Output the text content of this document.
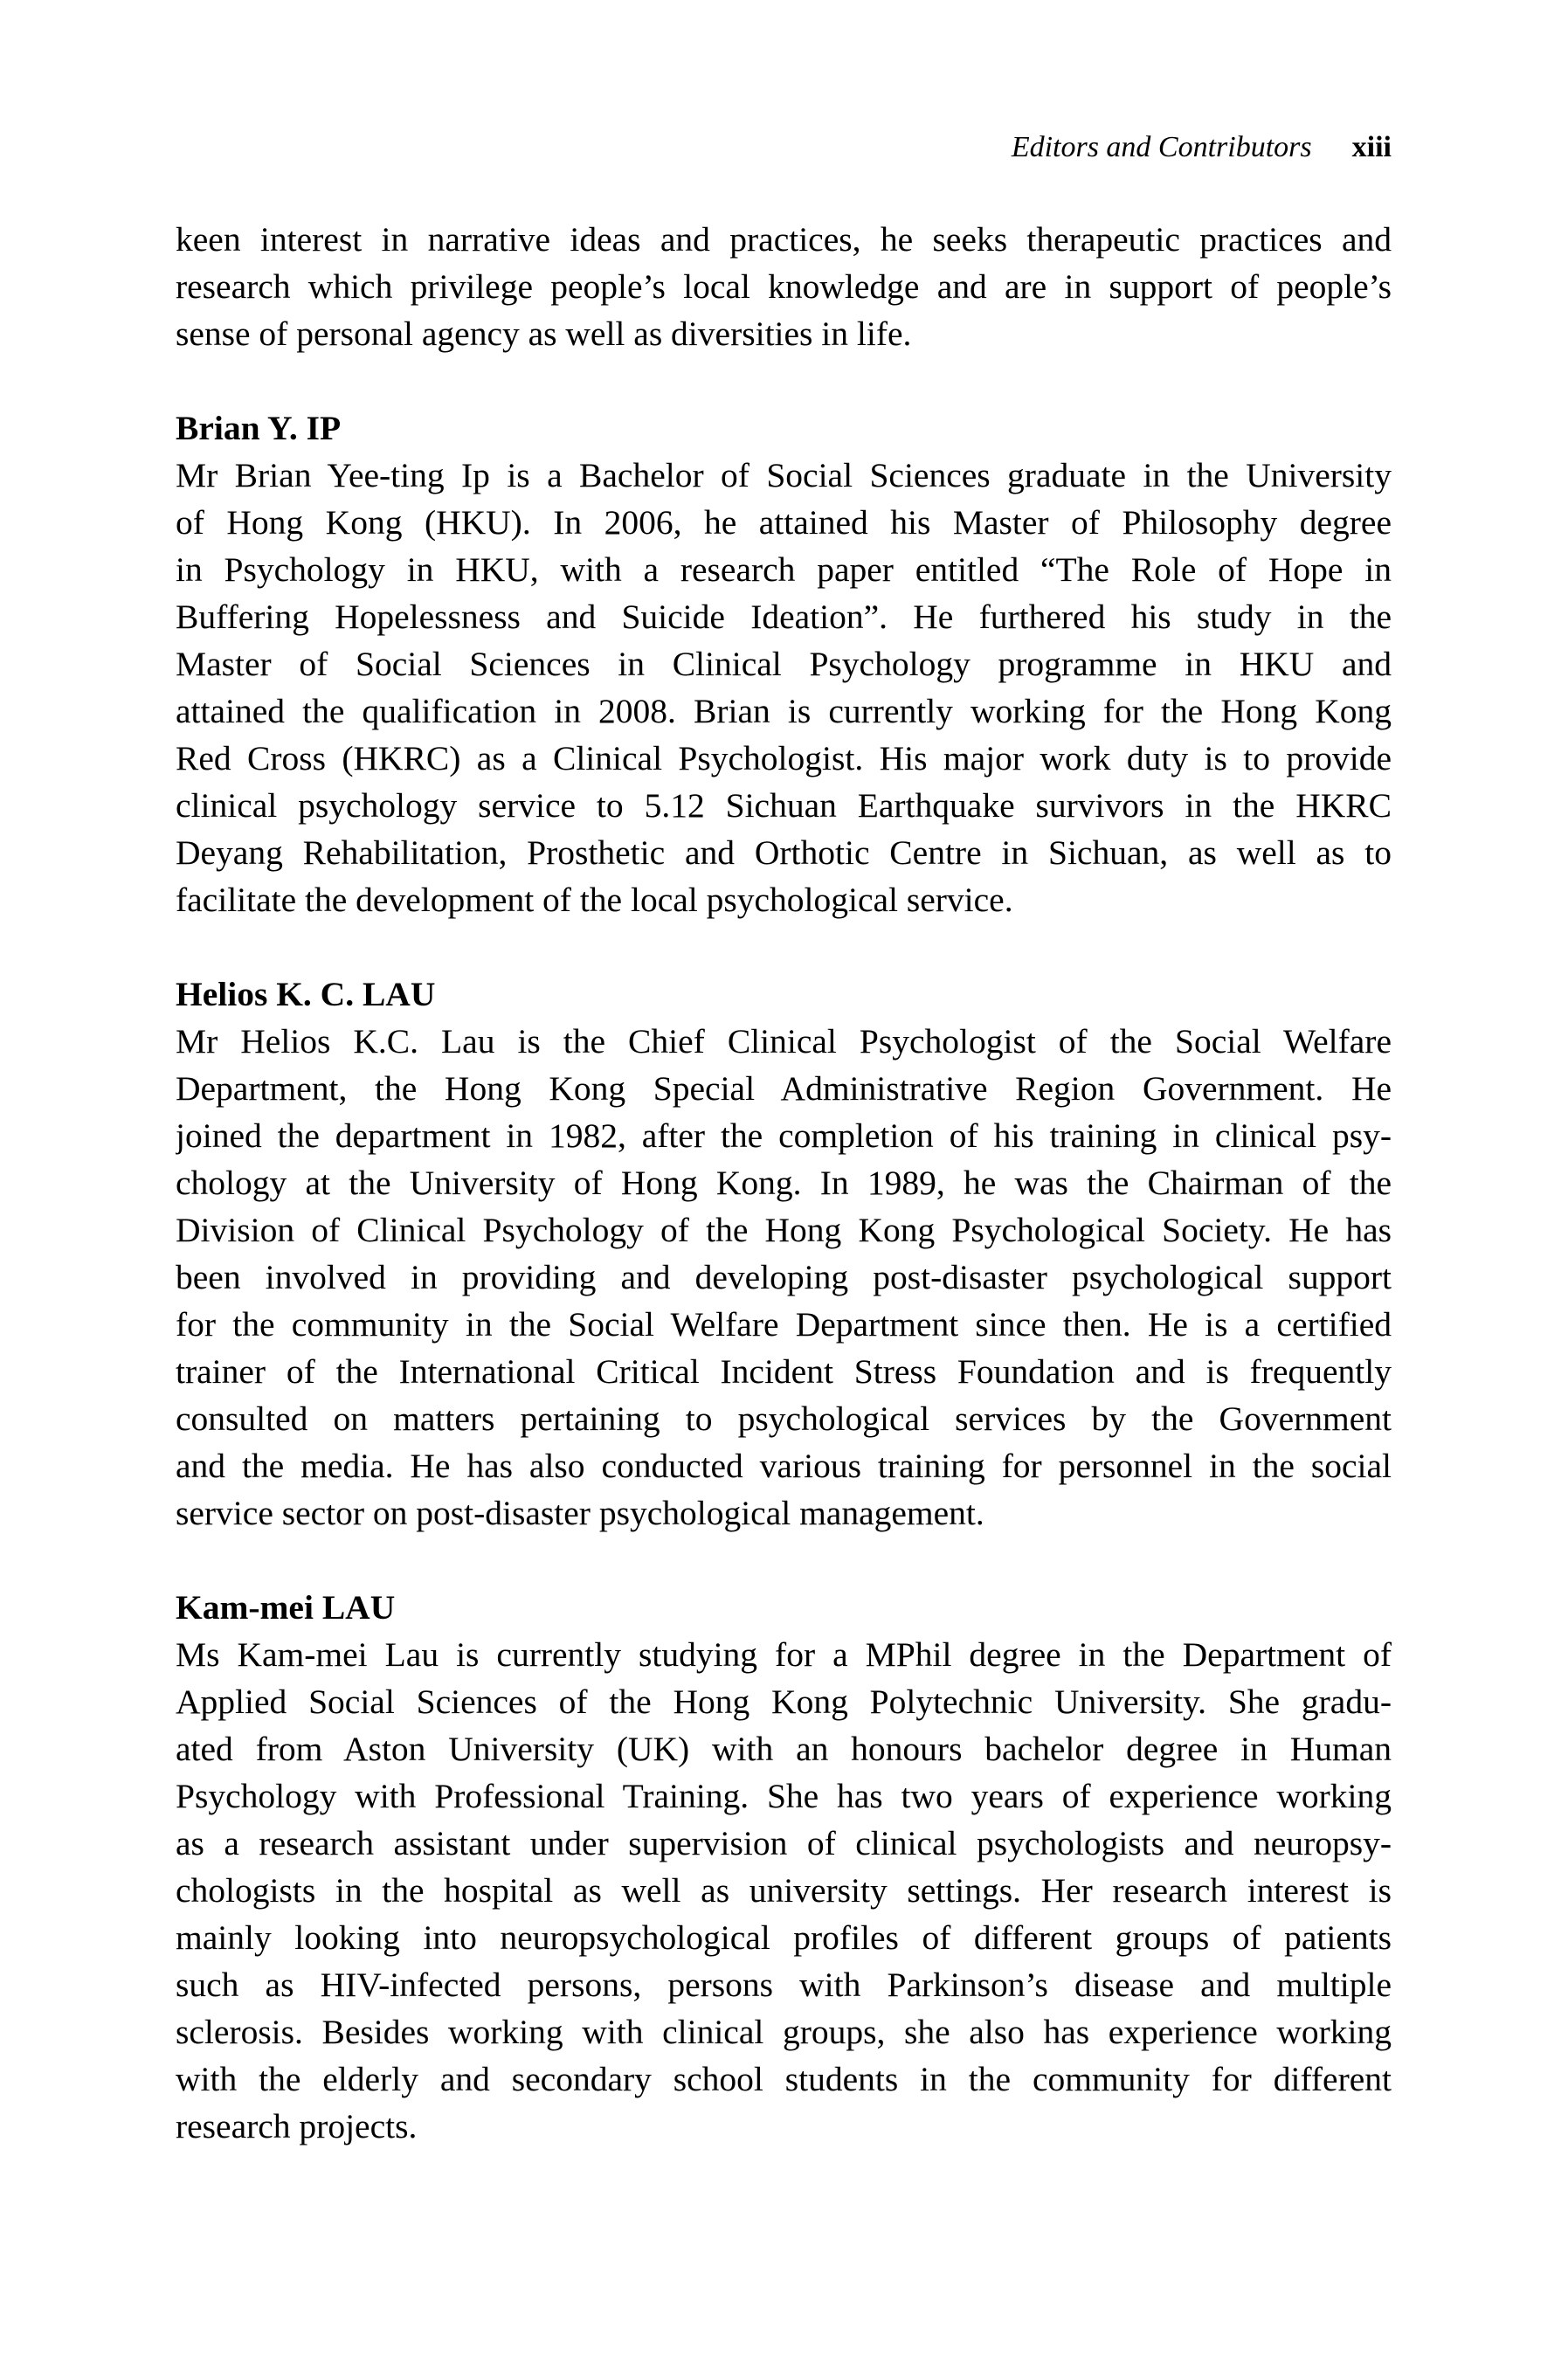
Editors and Contributors xiii
keen interest in narrative ideas and practices, he seeks therapeutic practices and
research which privilege people’s local knowledge and are in support of people’s
sense of personal agency as well as diversities in life.
Brian Y. IP
Mr Brian Yee-ting Ip is a Bachelor of Social Sciences graduate in the University
of Hong Kong (HKU). In 2006, he attained his Master of Philosophy degree
in Psychology in HKU, with a research paper entitled “The Role of Hope in
Buffering Hopelessness and Suicide Ideation”. He furthered his study in the
Master of Social Sciences in Clinical Psychology programme in HKU and
attained the qualification in 2008. Brian is currently working for the Hong Kong
Red Cross (HKRC) as a Clinical Psychologist. His major work duty is to provide
clinical psychology service to 5.12 Sichuan Earthquake survivors in the HKRC
Deyang Rehabilitation, Prosthetic and Orthotic Centre in Sichuan, as well as to
facilitate the development of the local psychological service.
Helios K. C. LAU
Mr Helios K.C. Lau is the Chief Clinical Psychologist of the Social Welfare
Department, the Hong Kong Special Administrative Region Government. He
joined the department in 1982, after the completion of his training in clinical psy-
chology at the University of Hong Kong. In 1989, he was the Chairman of the
Division of Clinical Psychology of the Hong Kong Psychological Society. He has
been involved in providing and developing post-disaster psychological support
for the community in the Social Welfare Department since then. He is a certified
trainer of the International Critical Incident Stress Foundation and is frequently
consulted on matters pertaining to psychological services by the Government
and the media. He has also conducted various training for personnel in the social
service sector on post-disaster psychological management.
Kam-mei LAU
Ms Kam-mei Lau is currently studying for a MPhil degree in the Department of
Applied Social Sciences of the Hong Kong Polytechnic University. She gradu-
ated from Aston University (UK) with an honours bachelor degree in Human
Psychology with Professional Training. She has two years of experience working
as a research assistant under supervision of clinical psychologists and neuropsy-
chologists in the hospital as well as university settings. Her research interest is
mainly looking into neuropsychological profiles of different groups of patients
such as HIV-infected persons, persons with Parkinson’s disease and multiple
sclerosis. Besides working with clinical groups, she also has experience working
with the elderly and secondary school students in the community for different
research projects.
